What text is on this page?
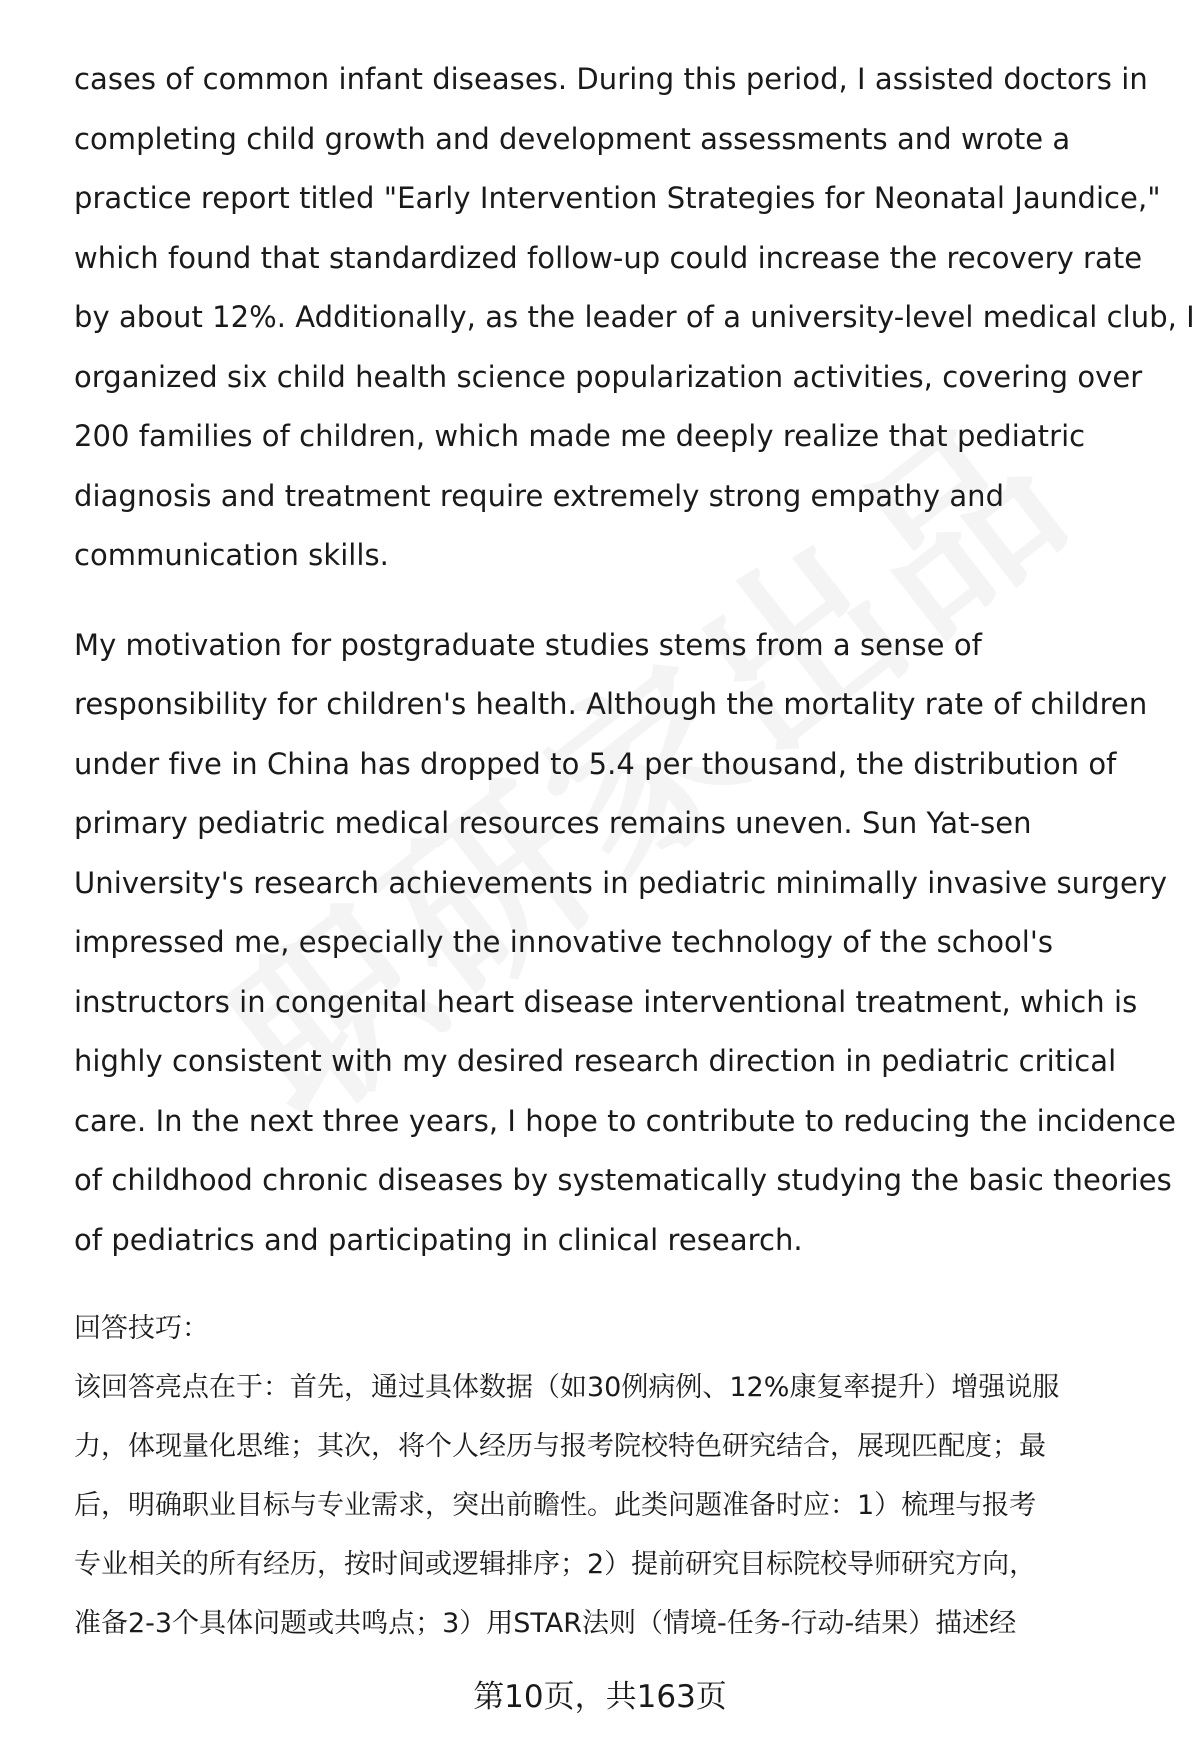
cases of common infant diseases. During this period, I assisted doctors in
completing child growth and development assessments and wrote a
practice report titled "Early Intervention Strategies for Neonatal Jaundice,"
which found that standardized follow-up could increase the recovery rate
by about 12%. Additionally, as the leader of a university-level medical club, I
organized six child health science popularization activities, covering over
200 families of children, which made me deeply realize that pediatric
diagnosis and treatment require extremely strong empathy and
communication skills.

My motivation for postgraduate studies stems from a sense of
responsibility for children's health. Although the mortality rate of children
under five in China has dropped to 5.4 per thousand, the distribution of
primary pediatric medical resources remains uneven. Sun Yat-sen
University's research achievements in pediatric minimally invasive surgery
impressed me, especially the innovative technology of the school's
instructors in congenital heart disease interventional treatment, which is
highly consistent with my desired research direction in pediatric critical
care. In the next three years, I hope to contribute to reducing the incidence
of childhood chronic diseases by systematically studying the basic theories
of pediatrics and participating in clinical research.

回答技巧：

该回答亮点在于：首先，通过具体数据（如30例病例、12%康复率提升）增强说服
力，体现量化思维；其次，将个人经历与报考院校特色研究结合，展现匹配度；最
后，明确职业目标与专业需求，突出前瞻性。此类问题准备时应：1）梳理与报考
专业相关的所有经历，按时间或逻辑排序；2）提前研究目标院校导师研究方向，
准备2-3个具体问题或共鸣点；3）用STAR法则（情境-任务-行动-结果）描述经

第10页，共163页
